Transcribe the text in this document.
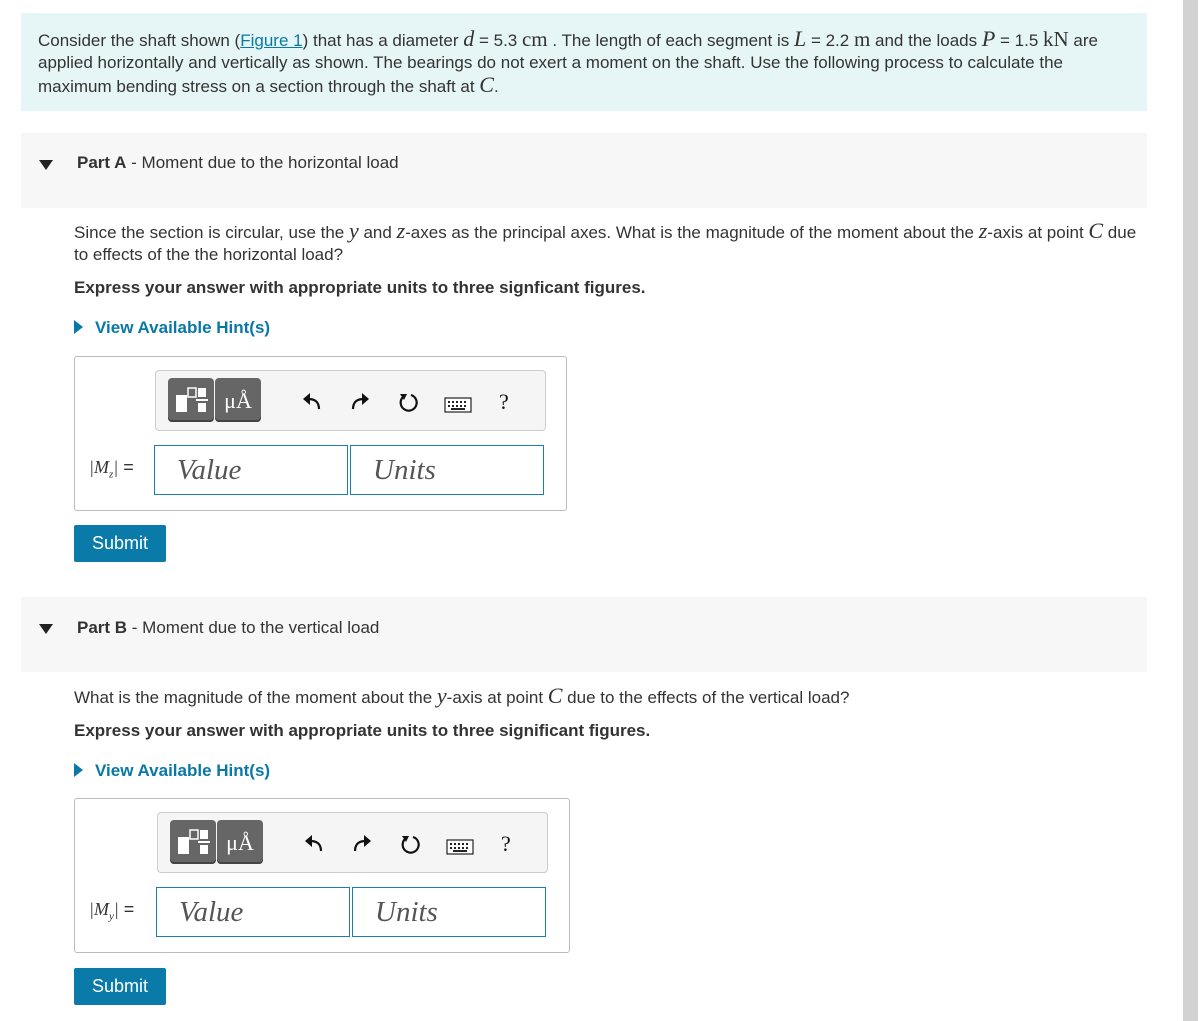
Consider the shaft shown (Figure 1) that has a diameter d = 5.3 cm . The length of each segment is L = 2.2 m and the loads P = 1.5 kN are applied horizontally and vertically as shown. The bearings do not exert a moment on the shaft. Use the following process to calculate the maximum bending stress on a section through the shaft at C.

Part A - Moment due to the horizontal load

Since the section is circular, use the y and z-axes as the principal axes. What is the magnitude of the moment about the z-axis at point C due to effects of the the horizontal load?

Express your answer with appropriate units to three signficant figures.
View Available Hint(s)
μÅ	?
$|M_z|$ =
Value
Units
Submit
Part B - Moment due to the vertical load

What is the magnitude of the moment about the y-axis at point C due to the effects of the vertical load?

Express your answer with appropriate units to three significant figures.
View Available Hint(s)
μÅ	?
$|M_y|$ =
Value
Units
Submit
